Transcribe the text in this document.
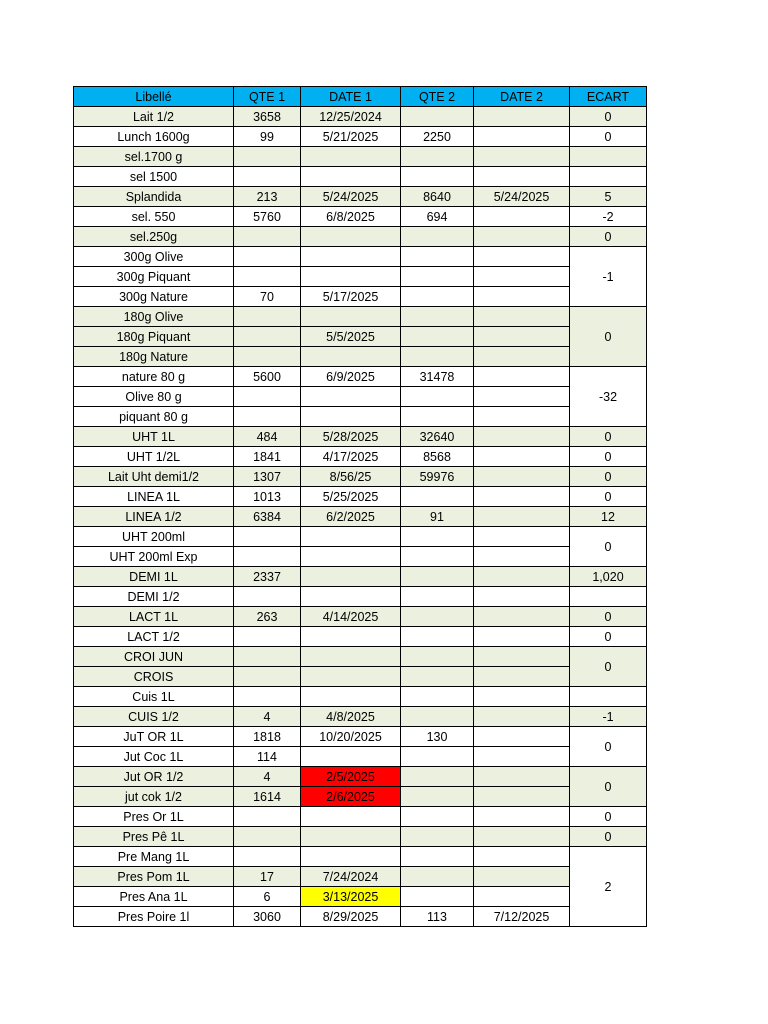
Libellé	QTE 1	DATE 1	QTE 2	DATE 2	ECART
Lait 1/2	3658	12/25/2024			0
Lunch 1600g	99	5/21/2025	2250		0
sel.1700 g					
sel 1500					
Splandida	213	5/24/2025	8640	5/24/2025	5
sel. 550	5760	6/8/2025	694		-2
sel.250g					0
300g Olive					-1
300g Piquant					
300g Nature	70	5/17/2025			
180g Olive					0
180g Piquant		5/5/2025			
180g Nature					
nature 80 g	5600	6/9/2025	31478		-32
Olive 80 g					
piquant 80 g					
UHT 1L	484	5/28/2025	32640		0
UHT 1/2L	1841	4/17/2025	8568		0
Lait Uht demi1/2	1307	8/56/25	59976		0
LINEA 1L	1013	5/25/2025			0
LINEA 1/2	6384	6/2/2025	91		12
UHT 200ml					0
UHT 200ml Exp					
DEMI 1L	2337				1,020
DEMI 1/2					
LACT 1L	263	4/14/2025			0
LACT 1/2					0
CROI JUN					0
CROIS					
Cuis 1L					
CUIS 1/2	4	4/8/2025			-1
JuT OR 1L	1818	10/20/2025	130		0
Jut Coc 1L	114				
Jut OR 1/2	4	2/5/2025			0
jut cok 1/2	1614	2/6/2025			
Pres Or 1L					0
Pres Pê 1L					0
Pre Mang 1L					2
Pres Pom 1L	17	7/24/2024			
Pres Ana 1L	6	3/13/2025			
Pres Poire 1l	3060	8/29/2025	113	7/12/2025	
